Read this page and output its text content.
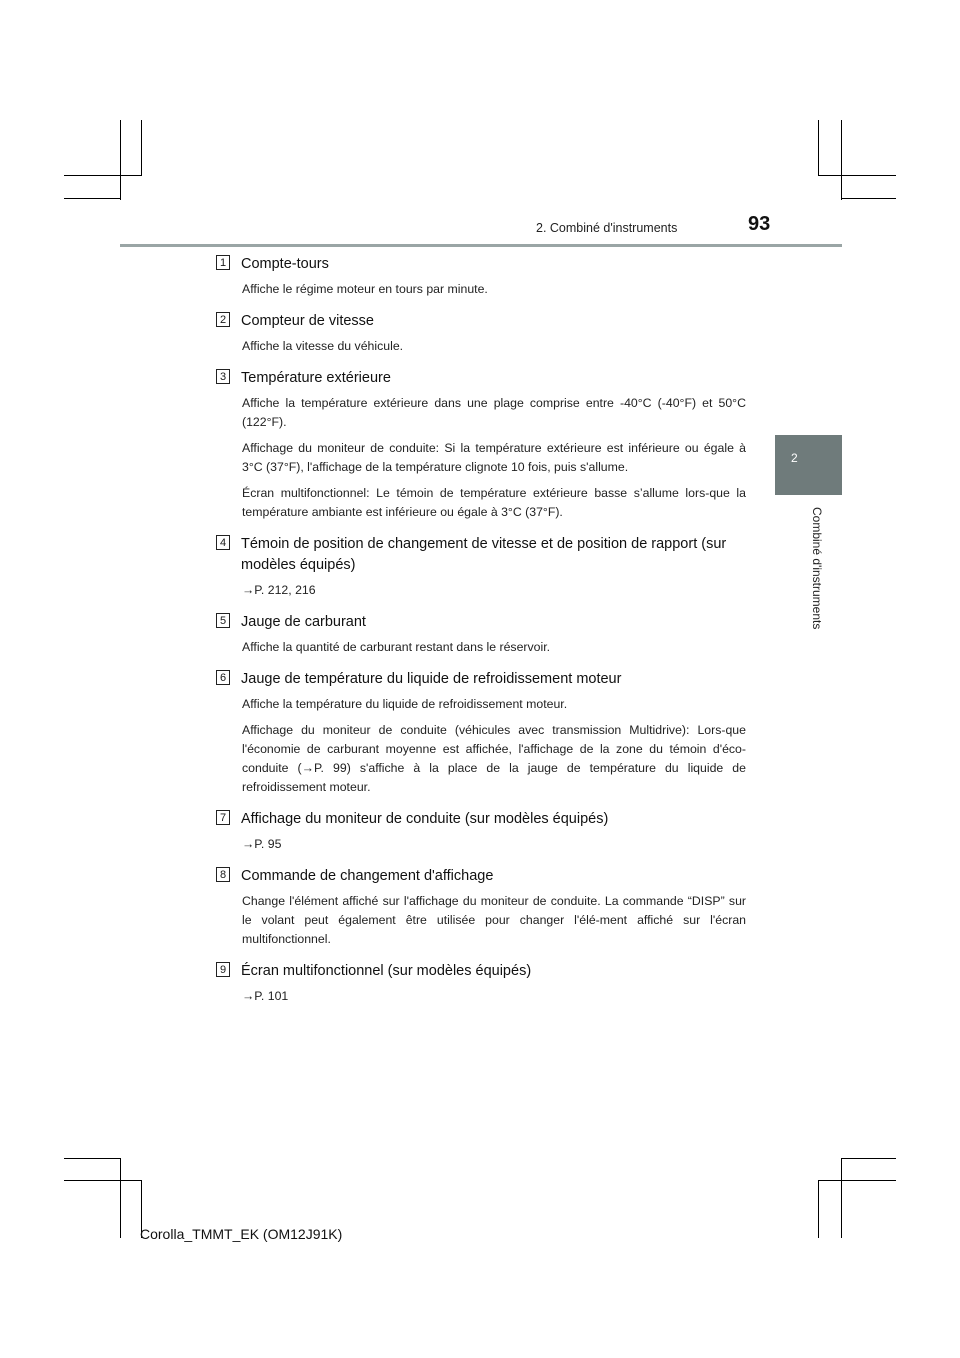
2. Combiné d'instruments	93
2
Combiné d'instruments
1 Compte-tours
Affiche le régime moteur en tours par minute.
2 Compteur de vitesse
Affiche la vitesse du véhicule.
3 Température extérieure
Affiche la température extérieure dans une plage comprise entre -40°C (-40°F) et 50°C (122°F).
Affichage du moniteur de conduite: Si la température extérieure est inférieure ou égale à 3°C (37°F), l'affichage de la température clignote 10 fois, puis s'allume.
Écran multifonctionnel: Le témoin de température extérieure basse s’allume lors-que la température ambiante est inférieure ou égale à 3°C (37°F).
4 Témoin de position de changement de vitesse et de position de rapport (sur modèles équipés)
→P. 212, 216
5 Jauge de carburant
Affiche la quantité de carburant restant dans le réservoir.
6 Jauge de température du liquide de refroidissement moteur
Affiche la température du liquide de refroidissement moteur.
Affichage du moniteur de conduite (véhicules avec transmission Multidrive): Lors-que l'économie de carburant moyenne est affichée, l'affichage de la zone du témoin d'éco-conduite (→P. 99) s'affiche à la place de la jauge de température du liquide de refroidissement moteur.
7 Affichage du moniteur de conduite (sur modèles équipés)
→P. 95
8 Commande de changement d'affichage
Change l'élément affiché sur l'affichage du moniteur de conduite. La commande “DISP” sur le volant peut également être utilisée pour changer l'élé-ment affiché sur l'écran multifonctionnel.
9 Écran multifonctionnel (sur modèles équipés)
→P. 101
Corolla_TMMT_EK (OM12J91K)
